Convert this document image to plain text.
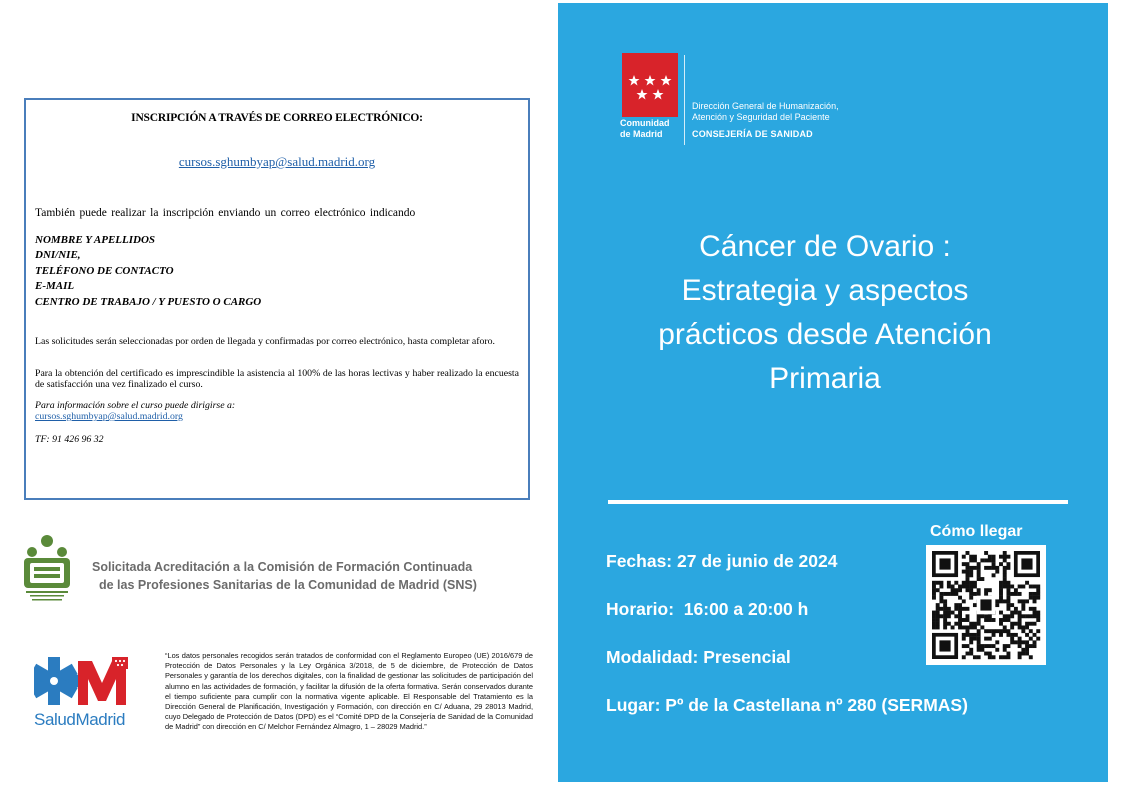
INSCRIPCIÓN A TRAVÉS DE CORREO ELECTRÓNICO:
cursos.sghumbyap@salud.madrid.org
También puede realizar la inscripción enviando un correo electrónico indicando
NOMBRE Y APELLIDOS
DNI/NIE,
TELÉFONO DE CONTACTO
E-MAIL
CENTRO DE TRABAJO / Y PUESTO O CARGO
Las solicitudes serán seleccionadas por orden de llegada y confirmadas por correo electrónico, hasta completar aforo.
Para la obtención del certificado es imprescindible la asistencia al 100% de las horas lectivas y haber realizado la encuesta de satisfacción una vez finalizado el curso.
Para información sobre el curso puede dirigirse a:
cursos.sghumbyap@salud.madrid.org
TF: 91 426 96 32
Solicitada Acreditación a la Comisión de Formación Continuada
de las Profesiones Sanitarias de la Comunidad de Madrid (SNS)
SaludMadrid
“Los datos personales recogidos serán tratados de conformidad con el Reglamento Europeo (UE) 2016/679 de Protección de Datos Personales y la Ley Orgánica 3/2018, de 5 de diciembre, de Protección de Datos Personales y garantía de los derechos digitales, con la finalidad de gestionar las solicitudes de participación del alumno en las actividades de formación, y facilitar la difusión de la oferta formativa. Serán conservados durante el tiempo suficiente para cumplir con la normativa vigente aplicable. El Responsable del Tratamiento es la Dirección General de Planificación, Investigación y Formación, con dirección en C/ Aduana, 29 28013 Madrid, cuyo Delegado de Protección de Datos (DPD) es el “Comité DPD de la Consejería de Sanidad de la Comunidad de Madrid” con dirección en C/ Melchor Fernández Almagro, 1 – 28029 Madrid.”
Comunidad
de Madrid
Dirección General de Humanización,
Atención y Seguridad del Paciente
CONSEJERÍA DE SANIDAD
Cáncer de Ovario :
Estrategia y aspectos
prácticos desde Atención
Primaria
Cómo llegar
Fechas: 27 de junio de 2024
Horario:  16:00 a 20:00 h
Modalidad: Presencial
Lugar: Pº de la Castellana nº 280 (SERMAS)
